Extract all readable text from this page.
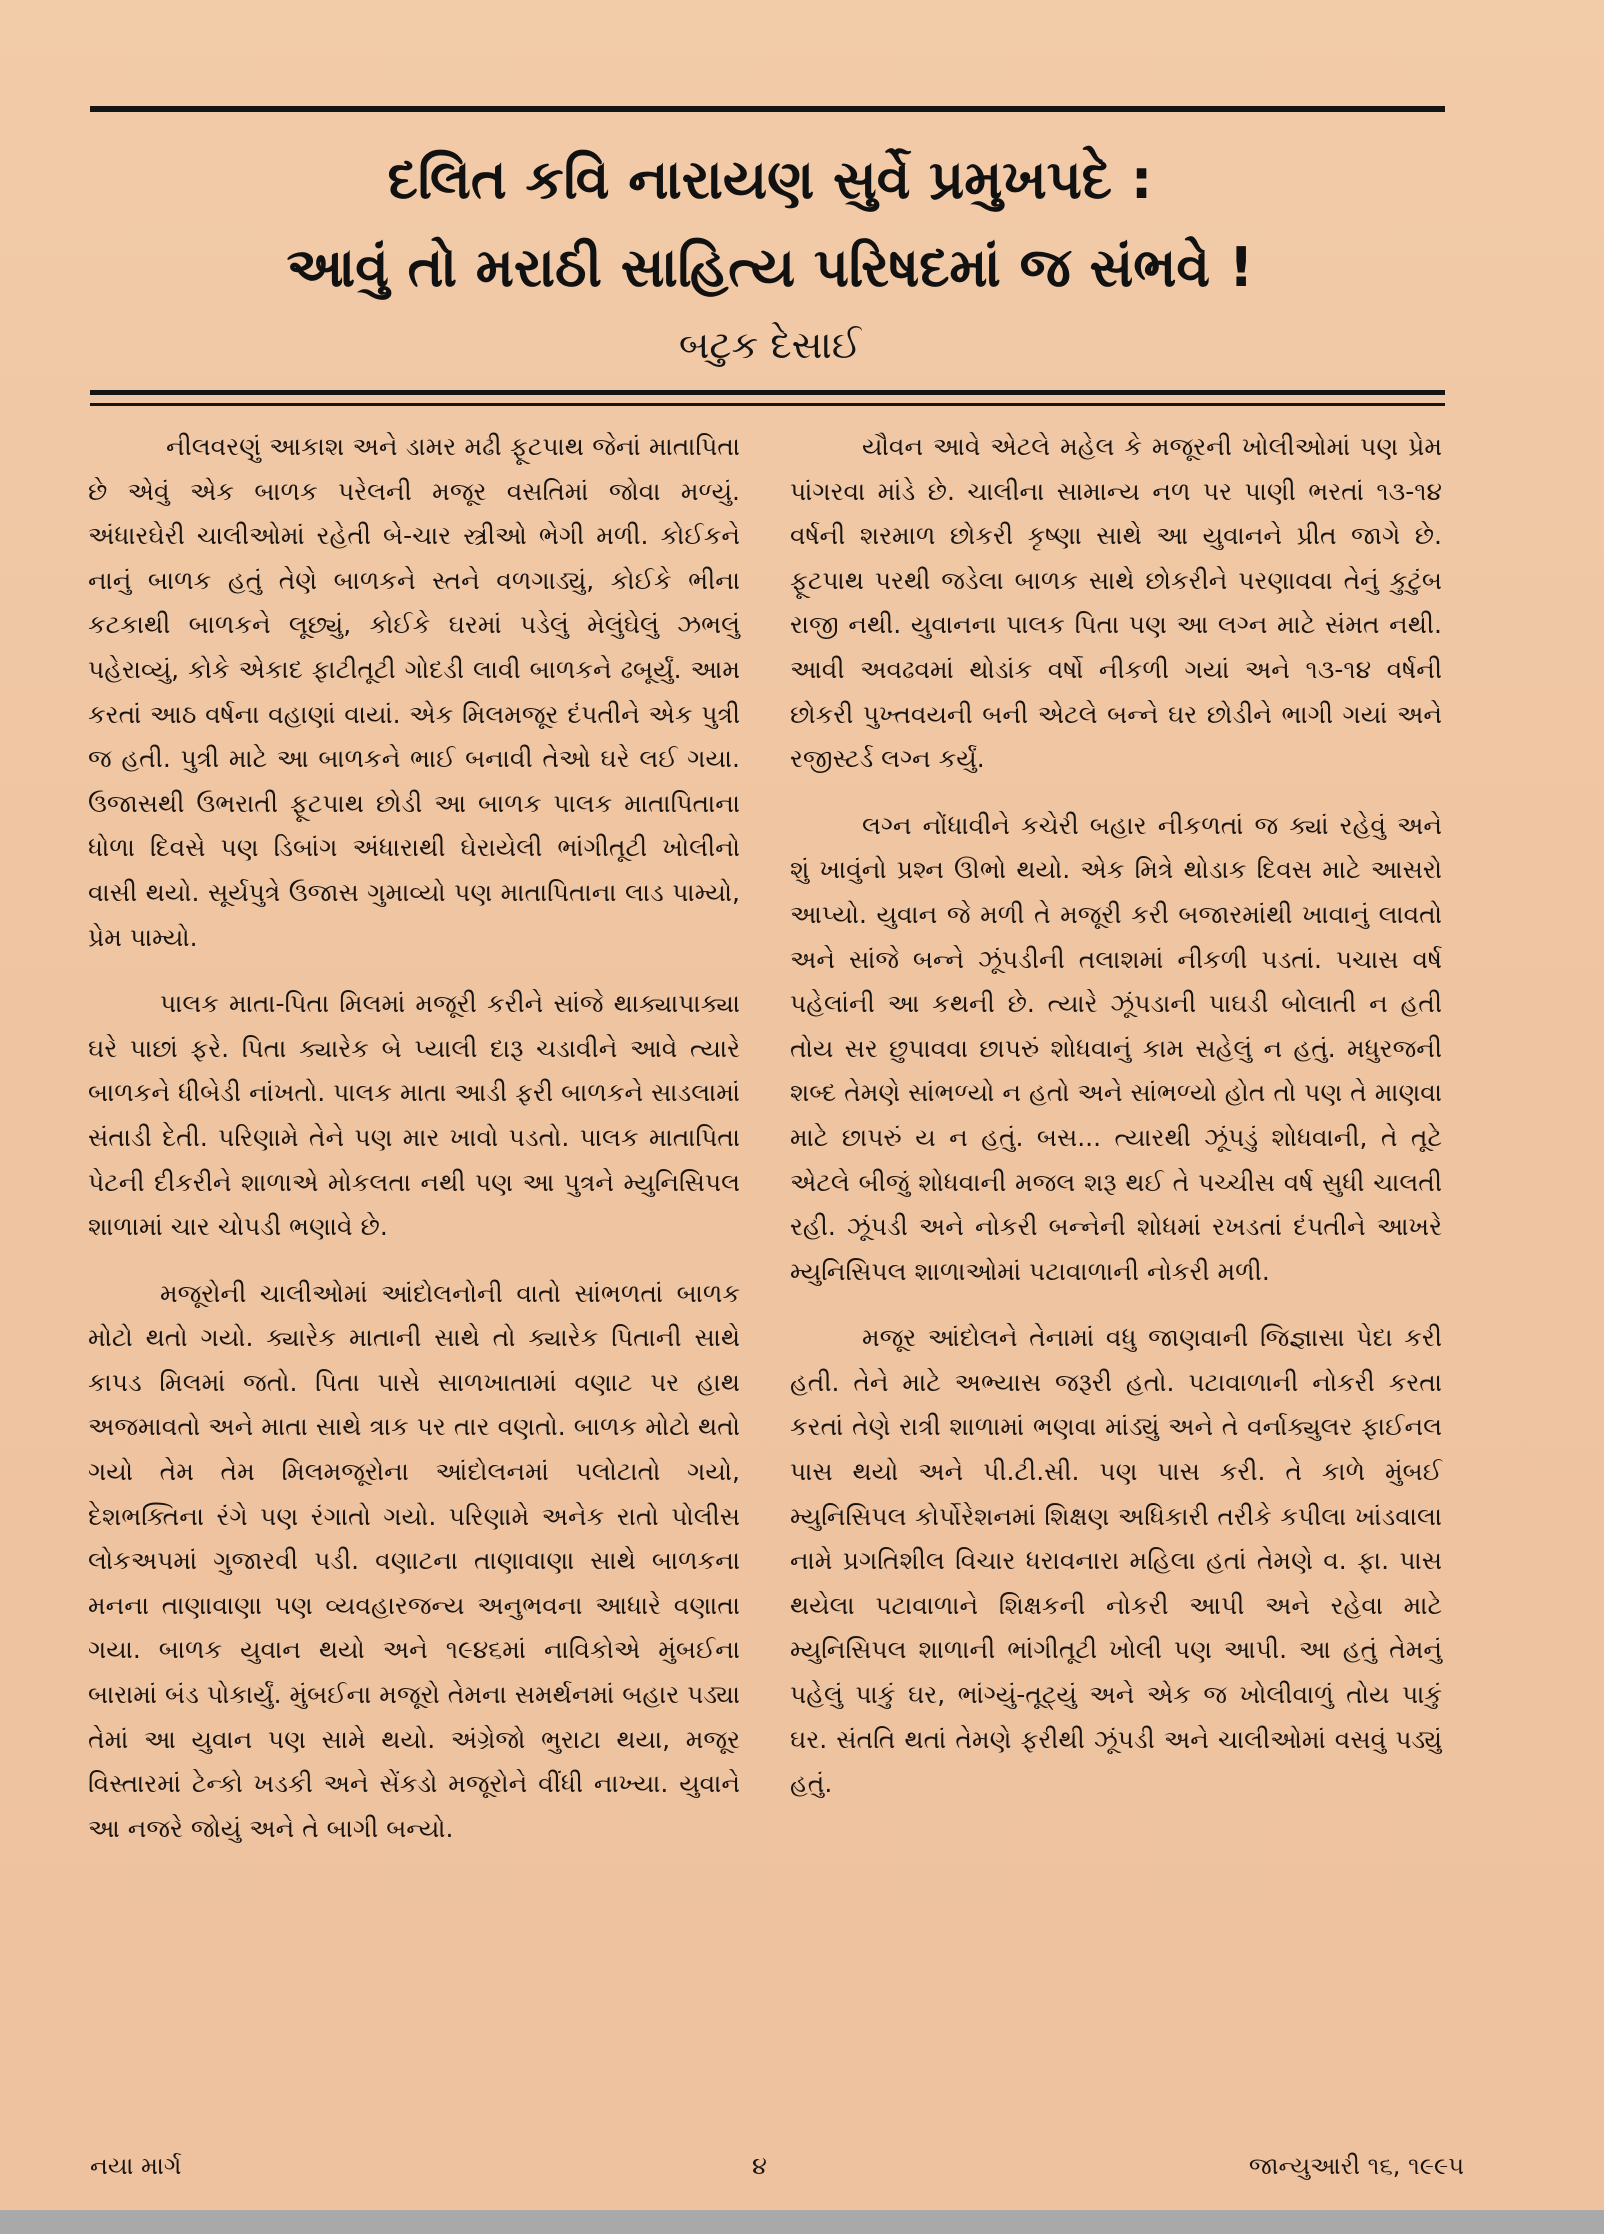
દલિત કવિ નારાયણ સુર્વે પ્રમુખપદે :
આવું તો મરાઠી સાહિત્ય પરિષદમાં જ સંભવે !
બટુક દેસાઈ

નીલવરણું આકાશ અને ડામર મઢી ફૂટપાથ જેનાં માતાપિતા છે એવું એક બાળક પરેલની મજૂર વસતિમાં જોવા મળ્યું. અંધારઘેરી ચાલીઓમાં રહેતી બે-ચાર સ્ત્રીઓ ભેગી મળી. કોઈકને નાનું બાળક હતું તેણે બાળકને સ્તને વળગાડ્યું, કોઈકે ભીના કટકાથી બાળકને લૂછ્યું, કોઈકે ઘરમાં પડેલું મેલુંઘેલું ઝભલું પહેરાવ્યું, કોકે એકાદ ફાટીતૂટી ગોદડી લાવી બાળકને ઢબૂર્યું. આમ કરતાં આઠ વર્ષના વહાણાં વાયાં. એક મિલમજૂર દંપતીને એક પુત્રી જ હતી. પુત્રી માટે આ બાળકને ભાઈ બનાવી તેઓ ઘરે લઈ ગયા. ઉજાસથી ઉભરાતી ફૂટપાથ છોડી આ બાળક પાલક માતાપિતાના ધોળા દિવસે પણ ડિબાંગ અંધારાથી ઘેરાયેલી ભાંગીતૂટી ખોલીનો વાસી થયો. સૂર્યપુત્રે ઉજાસ ગુમાવ્યો પણ માતાપિતાના લાડ પામ્યો, પ્રેમ પામ્યો.

પાલક માતા-પિતા મિલમાં મજૂરી કરીને સાંજે થાક્યાપાક્યા ઘરે પાછાં ફરે. પિતા ક્યારેક બે પ્યાલી દારૂ ચડાવીને આવે ત્યારે બાળકને ધીબેડી નાંખતો. પાલક માતા આડી ફરી બાળકને સાડલામાં સંતાડી દેતી. પરિણામે તેને પણ માર ખાવો પડતો. પાલક માતાપિતા પેટની દીકરીને શાળાએ મોકલતા નથી પણ આ પુત્રને મ્યુનિસિપલ શાળામાં ચાર ચોપડી ભણાવે છે.

મજૂરોની ચાલીઓમાં આંદોલનોની વાતો સાંભળતાં બાળક મોટો થતો ગયો. ક્યારેક માતાની સાથે તો ક્યારેક પિતાની સાથે કાપડ મિલમાં જતો. પિતા પાસે સાળખાતામાં વણાટ પર હાથ અજમાવતો અને માતા સાથે ત્રાક પર તાર વણતો. બાળક મોટો થતો ગયો તેમ તેમ મિલમજૂરોના આંદોલનમાં પલોટાતો ગયો, દેશભક્તિના રંગે પણ રંગાતો ગયો. પરિણામે અનેક રાતો પોલીસ લોકઅપમાં ગુજારવી પડી. વણાટના તાણાવાણા સાથે બાળકના મનના તાણાવાણા પણ વ્યવહારજન્ય અનુભવના આધારે વણાતા ગયા. બાળક યુવાન થયો અને ૧૯૪૬માં નાવિકોએ મુંબઈના બારામાં બંડ પોકાર્યું. મુંબઈના મજૂરો તેમના સમર્થનમાં બહાર પડ્યા તેમાં આ યુવાન પણ સામે થયો. અંગ્રેજો ભુરાટા થયા, મજૂર વિસ્તારમાં ટેન્કો ખડકી અને સેંકડો મજૂરોને વીંધી નાખ્યા. યુવાને આ નજરે જોયું અને તે બાગી બન્યો.

યૌવન આવે એટલે મહેલ કે મજૂરની ખોલીઓમાં પણ પ્રેમ પાંગરવા માંડે છે. ચાલીના સામાન્ય નળ પર પાણી ભરતાં ૧૩-૧૪ વર્ષની શરમાળ છોકરી કૃષ્ણા સાથે આ યુવાનને પ્રીત જાગે છે. ફૂટપાથ પરથી જડેલા બાળક સાથે છોકરીને પરણાવવા તેનું કુટુંબ રાજી નથી. યુવાનના પાલક પિતા પણ આ લગ્ન માટે સંમત નથી. આવી અવઢવમાં થોડાંક વર્ષો નીકળી ગયાં અને ૧૩-૧૪ વર્ષની છોકરી પુખ્તવયની બની એટલે બન્ને ઘર છોડીને ભાગી ગયાં અને રજીસ્ટર્ડ લગ્ન કર્યું.

લગ્ન નોંધાવીને કચેરી બહાર નીકળતાં જ ક્યાં રહેવું અને શું ખાવુંનો પ્રશ્ન ઊભો થયો. એક મિત્રે થોડાક દિવસ માટે આસરો આપ્યો. યુવાન જે મળી તે મજૂરી કરી બજારમાંથી ખાવાનું લાવતો અને સાંજે બન્ને ઝૂંપડીની તલાશમાં નીકળી પડતાં. પચાસ વર્ષ પહેલાંની આ કથની છે. ત્યારે ઝૂંપડાની પાઘડી બોલાતી ન હતી તોય સર છુપાવવા છાપરું શોધવાનું કામ સહેલું ન હતું. મધુરજની શબ્દ તેમણે સાંભળ્યો ન હતો અને સાંભળ્યો હોત તો પણ તે માણવા માટે છાપરું ય ન હતું. બસ... ત્યારથી ઝૂંપડું શોધવાની, તે તૂટે એટલે બીજું શોધવાની મજલ શરૂ થઈ તે પચ્ચીસ વર્ષ સુધી ચાલતી રહી. ઝૂંપડી અને નોકરી બન્નેની શોધમાં રખડતાં દંપતીને આખરે મ્યુનિસિપલ શાળાઓમાં પટાવાળાની નોકરી મળી.

મજૂર આંદોલને તેનામાં વધુ જાણવાની જિજ્ઞાસા પેદા કરી હતી. તેને માટે અભ્યાસ જરૂરી હતો. પટાવાળાની નોકરી કરતા કરતાં તેણે રાત્રી શાળામાં ભણવા માંડ્યું અને તે વર્નાક્યુલર ફાઈનલ પાસ થયો અને પી.ટી.સી. પણ પાસ કરી. તે કાળે મુંબઈ મ્યુનિસિપલ કોર્પોરેશનમાં શિક્ષણ અધિકારી તરીકે કપીલા ખાંડવાલા નામે પ્રગતિશીલ વિચાર ધરાવનારા મહિલા હતાં તેમણે વ. ફા. પાસ થયેલા પટાવાળાને શિક્ષકની નોકરી આપી અને રહેવા માટે મ્યુનિસિપલ શાળાની ભાંગીતૂટી ખોલી પણ આપી. આ હતું તેમનું પહેલું પાકું ઘર, ભાંગ્યું-તૂટ્યું અને એક જ ખોલીવાળું તોય પાકું ઘર. સંતતિ થતાં તેમણે ફરીથી ઝૂંપડી અને ચાલીઓમાં વસવું પડ્યું હતું.

નયા માર્ગ	૪	જાન્યુઆરી ૧૬, ૧૯૯૫
